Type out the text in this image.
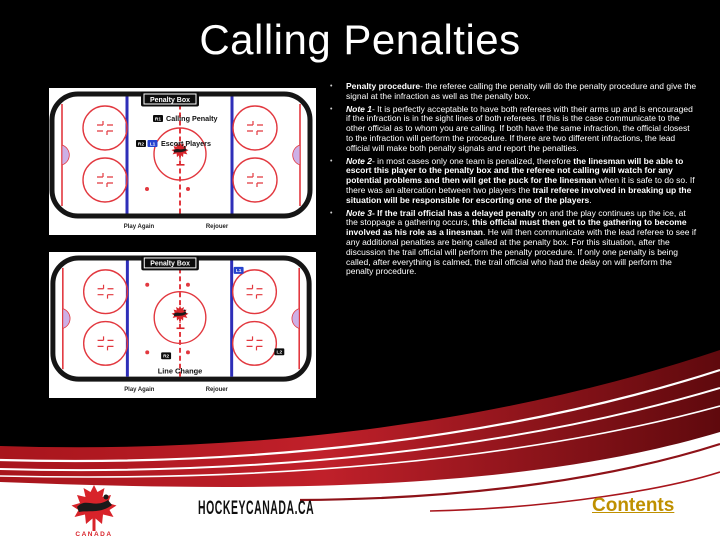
Calling Penalties
Penalty Box
R1 Calling Penalty
R2 L1 Escort Players
Play Again	Rejouer
Penalty Box
L1
R2
Line Change
L2
Play Again	Rejouer
• Penalty procedure- the referee calling the penalty will do the penalty procedure and give the signal at the infraction as well as the penalty box.
• Note 1- It is perfectly acceptable to have both referees with their arms up and is encouraged if the infraction is in the sight lines of both referees. If this is the case communicate to the other official as to whom you are calling. If both have the same infraction, the official closest to the infraction will perform the procedure. If there are two different infractions, the lead official will make both penalty signals and report the penalties.
• Note 2- in most cases only one team is penalized, therefore the linesman will be able to escort this player to the penalty box and the referee not calling will watch for any potential problems and then will get the puck for the linesman when it is safe to do so. If there was an altercation between two players the trail referee involved in breaking up the situation will be responsible for escorting one of the players.
• Note 3- If the trail official has a delayed penalty on and the play continues up the ice, at the stoppage a gathering occurs, this official must then get to the gathering to become involved as his role as a linesman. He will then communicate with the lead referee to see if any additional penalties are being called at the penalty box. For this situation, after the discussion the trail official will perform the penalty procedure. If only one penalty is being called, after everything is calmed, the trail official who had the delay on will perform the penalty procedure.
CANADA
HOCKEYCANADA.CA	Contents
